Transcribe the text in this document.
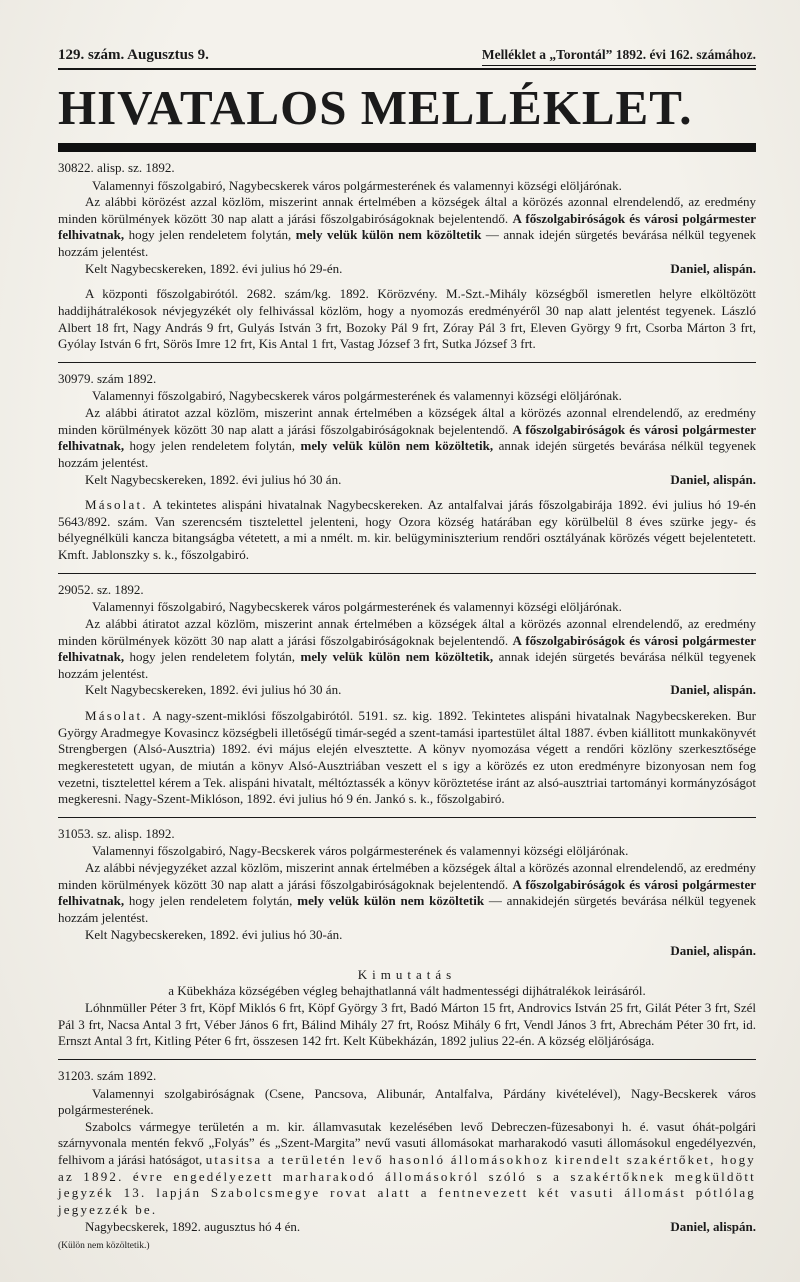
129. szám. Augusztus 9.	Melléklet a „Torontál” 1892. évi 162. számához.
HIVATALOS MELLÉKLET.

30822. alisp. sz. 1892.

Valamennyi főszolgabiró, Nagybecskerek város polgármesterének és valamennyi községi elöljárónak.

Az alábbi körözést azzal közlöm, miszerint annak értelmében a községek által a körözés azonnal elrendelendő, az eredmény minden körülmények között 30 nap alatt a járási főszolgabiróságoknak bejelentendő. A főszolgabiróságok és városi polgármester felhivatnak, hogy jelen rendeletem folytán, mely velük külön nem közöltetik — annak idején sürgetés bevárása nélkül tegyenek hozzám jelentést.

Kelt Nagybecskereken, 1892. évi julius hó 29-én.	Daniel, alispán.

A központi főszolgabirótól. 2682. szám/kg. 1892. Körözvény. M.-Szt.-Mihály községből ismeretlen helyre elköltözött haddijhátralékosok névjegyzékét oly felhivással közlöm, hogy a nyomozás eredményéről 30 nap alatt jelentést tegyenek. László Albert 18 frt, Nagy András 9 frt, Gulyás István 3 frt, Bozoky Pál 9 frt, Zóray Pál 3 frt, Eleven György 9 frt, Csorba Márton 3 frt, Gyólay István 6 frt, Sörös Imre 12 frt, Kis Antal 1 frt, Vastag József 3 frt, Sutka József 3 frt.

30979. szám 1892.

Valamennyi főszolgabiró, Nagybecskerek város polgármesterének és valamennyi községi elöljárónak.

Az alábbi átiratot azzal közlöm, miszerint annak értelmében a községek által a körözés azonnal elrendelendő, az eredmény minden körülmények között 30 nap alatt a járási főszolgabiróságoknak bejelentendő. A főszolgabiróságok és városi polgármester felhivatnak, hogy jelen rendeletem folytán, mely velük külön nem közöltetik, annak idején sürgetés bevárása nélkül tegyenek hozzám jelentést.

Kelt Nagybecskereken, 1892. évi julius hó 30 án.	Daniel, alispán.

Másolat. A tekintetes alispáni hivatalnak Nagybecskereken. Az antalfalvai járás főszolgabirája 1892. évi julius hó 19-én 5643/892. szám. Van szerencsém tisztelettel jelenteni, hogy Ozora község határában egy körülbelül 8 éves szürke jegy- és bélyegnélküli kancza bitangságba vétetett, a mi a nmélt. m. kir. belügyminiszterium rendőri osztályának körözés végett bejelentetett. Kmft. Jablonszky s. k., főszolgabiró.

29052. sz. 1892.

Valamennyi főszolgabiró, Nagybecskerek város polgármesterének és valamennyi községi elöljárónak.

Az alábbi átiratot azzal közlöm, miszerint annak értelmében a községek által a körözés azonnal elrendelendő, az eredmény minden körülmények között 30 nap alatt a járási főszolgabiróságoknak bejelentendő. A főszolgabiróságok és városi polgármester felhivatnak, hogy jelen rendeletem folytán, mely velük külön nem közöltetik, annak idején sürgetés bevárása nélkül tegyenek hozzám jelentést.

Kelt Nagybecskereken, 1892. évi julius hó 30 án.	Daniel, alispán.

Másolat. A nagy-szent-miklósi főszolgabirótól. 5191. sz. kig. 1892. Tekintetes alispáni hivatalnak Nagybecskereken. Bur György Aradmegye Kovasincz községbeli illetőségű timár-segéd a szent-tamási ipartestület által 1887. évben kiállitott munkakönyvét Strengbergen (Alsó-Ausztria) 1892. évi május elején elvesztette. A könyv nyomozása végett a rendőri közlöny szerkesztősége megkerestetett ugyan, de miután a könyv Alsó-Ausztriában veszett el s igy a körözés ez uton eredményre bizonyosan nem fog vezetni, tisztelettel kérem a Tek. alispáni hivatalt, méltóztassék a könyv köröztetése iránt az alsó-ausztriai tartományi kormányzóságot megkeresni. Nagy-Szent-Miklóson, 1892. évi julius hó 9 én. Jankó s. k., főszolgabiró.

31053. sz. alisp. 1892.

Valamennyi főszolgabiró, Nagy-Becskerek város polgármesterének és valamennyi községi elöljárónak.

Az alábbi névjegyzéket azzal közlöm, miszerint annak értelmében a községek által a körözés azonnal elrendelendő, az eredmény minden körülmények között 30 nap alatt a járási főszolgabiróságoknak bejelentendő. A főszolgabiróságok és városi polgármester felhivatnak, hogy jelen rendeletem folytán, mely velük külön nem közöltetik — annakidején sürgetés bevárása nélkül tegyenek hozzám jelentést.

Kelt Nagybecskereken, 1892. évi julius hó 30-án.

Daniel, alispán.

Kimutatás

a Kübekháza községében végleg behajthatlanná vált hadmentességi dijhátralékok leirásáról.

Lóhnmüller Péter 3 frt, Köpf Miklós 6 frt, Köpf György 3 frt, Badó Márton 15 frt, Androvics István 25 frt, Gilát Péter 3 frt, Szél Pál 3 frt, Nacsa Antal 3 frt, Véber János 6 frt, Bálind Mihály 27 frt, Roósz Mihály 6 frt, Vendl János 3 frt, Abrechám Péter 30 frt, id. Ernszt Antal 3 frt, Kitling Péter 6 frt, összesen 142 frt. Kelt Kübekházán, 1892 julius 22-én. A község elöljárósága.

31203. szám 1892.

Valamennyi szolgabiróságnak (Csene, Pancsova, Alibunár, Antalfalva, Párdány kivételével), Nagy-Becskerek város polgármesterének.

Szabolcs vármegye területén a m. kir. államvasutak kezelésében levő Debreczen-füzesabonyi h. é. vasut óhát-polgári szárnyvonala mentén fekvő „Folyás” és „Szent-Margita” nevű vasuti állomásokat marharakodó vasuti állomásokul engedélyezvén, felhivom a járási hatóságot, utasitsa a területén levő hasonló állomásokhoz kirendelt szakértőket, hogy az 1892. évre engedélyezett marharakodó állomásokról szóló s a szakértőknek megküldött jegyzék 13. lapján Szabolcsmegye rovat alatt a fentnevezett két vasuti állomást pótlólag jegyezzék be.

Nagybecskerek, 1892. augusztus hó 4 én.	Daniel, alispán.

(Külön nem közöltetik.)
